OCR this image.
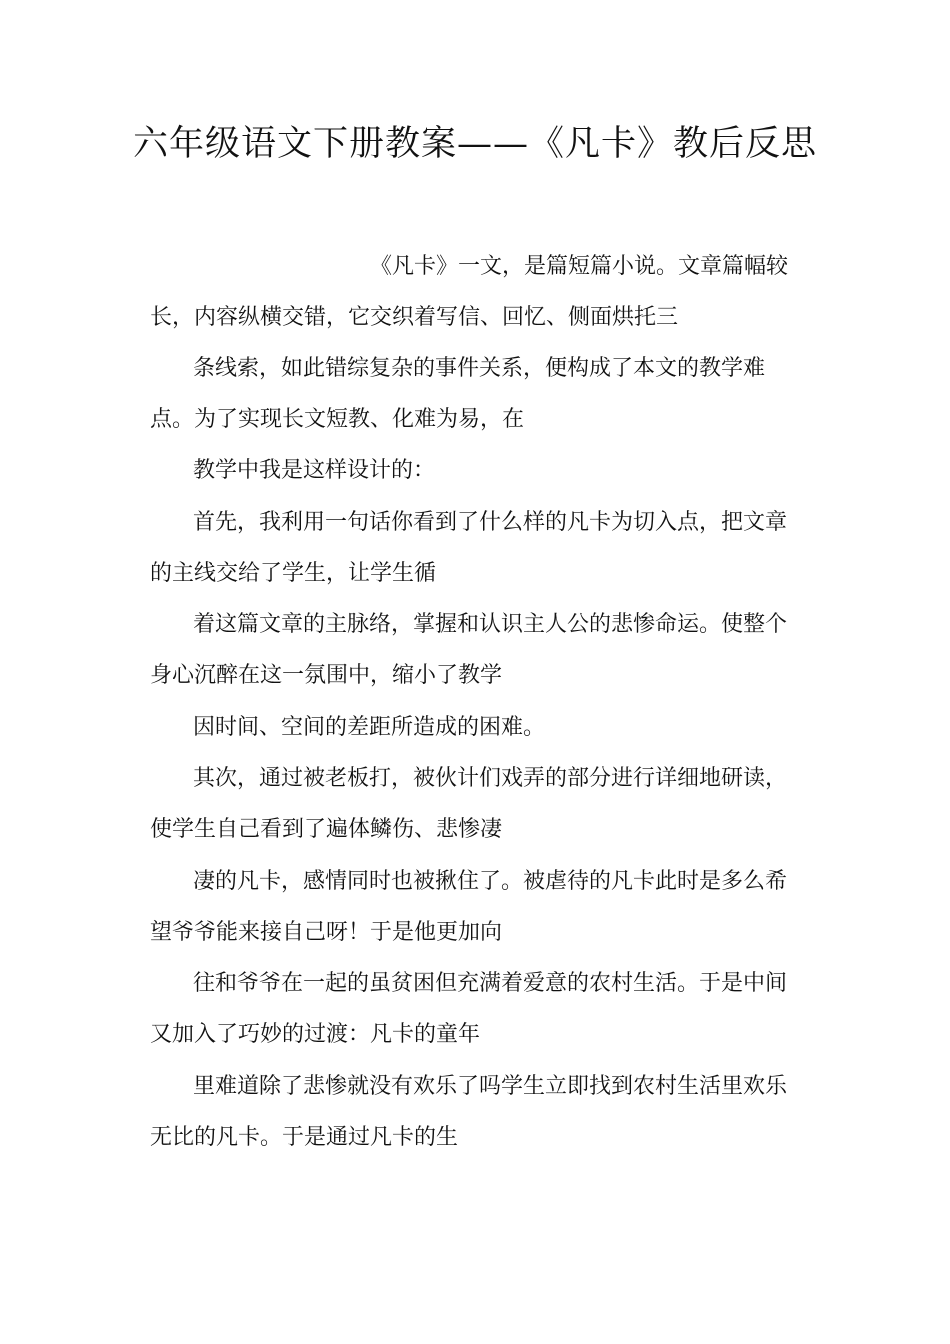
六年级语文下册教案——《凡卡》教后反思
《凡卡》一文，是篇短篇小说。文章篇幅较
长，内容纵横交错，它交织着写信、回忆、侧面烘托三
条线索，如此错综复杂的事件关系，便构成了本文的教学难
点。为了实现长文短教、化难为易，在
教学中我是这样设计的：
首先，我利用一句话你看到了什么样的凡卡为切入点，把文章
的主线交给了学生，让学生循
着这篇文章的主脉络，掌握和认识主人公的悲惨命运。使整个
身心沉醉在这一氛围中，缩小了教学
因时间、空间的差距所造成的困难。
其次，通过被老板打，被伙计们戏弄的部分进行详细地研读，
使学生自己看到了遍体鳞伤、悲惨凄
凄的凡卡，感情同时也被揪住了。被虐待的凡卡此时是多么希
望爷爷能来接自己呀！于是他更加向
往和爷爷在一起的虽贫困但充满着爱意的农村生活。于是中间
又加入了巧妙的过渡：凡卡的童年
里难道除了悲惨就没有欢乐了吗学生立即找到农村生活里欢乐
无比的凡卡。于是通过凡卡的生
